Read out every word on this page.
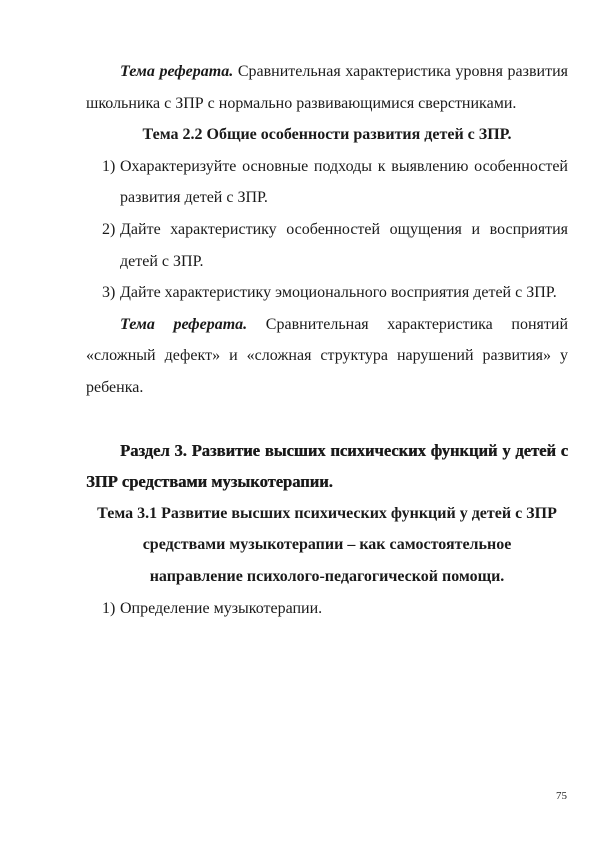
Тема реферата. Сравнительная характеристика уровня развития школьника с ЗПР с нормально развивающимися сверстниками.

Тема 2.2 Общие особенности развития детей с ЗПР.

1) Охарактеризуйте основные подходы к выявлению особенностей развития детей с ЗПР.
2) Дайте характеристику особенностей ощущения и восприятия детей с ЗПР.
3) Дайте характеристику эмоционального восприятия детей с ЗПР.

Тема реферата. Сравнительная характеристика понятий «сложный дефект» и «сложная структура нарушений развития» у ребенка.

Раздел 3. Развитие высших психических функций у детей с ЗПР средствами музыкотерапии.

Тема 3.1 Развитие высших психических функций у детей с ЗПР средствами музыкотерапии – как самостоятельное направление психолого-педагогической помощи.

1) Определение музыкотерапии.
75
